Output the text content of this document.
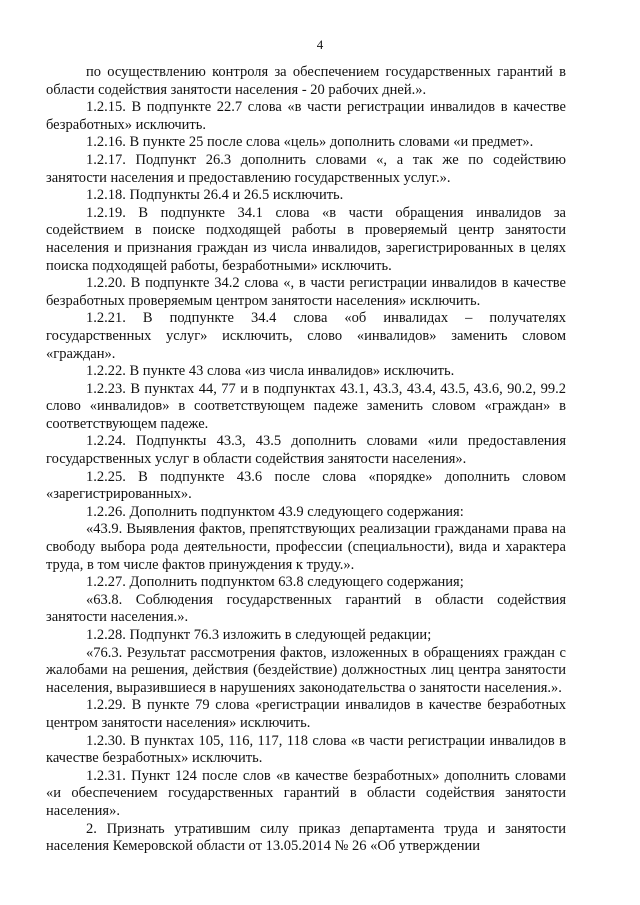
4

по осуществлению контроля за обеспечением государственных гарантий в области содействия занятости населения - 20 рабочих дней.».

1.2.15. В подпункте 22.7 слова «в части регистрации инвалидов в качестве безработных» исключить.

1.2.16. В пункте 25 после слова «цель» дополнить словами «и предмет».

1.2.17. Подпункт 26.3 дополнить словами «, а так же по содействию занятости населения и предоставлению государственных услуг.».

1.2.18. Подпункты 26.4 и 26.5 исключить.

1.2.19. В подпункте 34.1 слова «в части обращения инвалидов за содействием в поиске подходящей работы в проверяемый центр занятости населения и признания граждан из числа инвалидов, зарегистрированных в целях поиска подходящей работы, безработными» исключить.

1.2.20. В подпункте 34.2 слова «, в части регистрации инвалидов в качестве безработных проверяемым центром занятости населения» исключить.

1.2.21. В подпункте 34.4 слова «об инвалидах – получателях государственных услуг» исключить, слово «инвалидов» заменить словом «граждан».

1.2.22. В пункте 43 слова «из числа инвалидов» исключить.

1.2.23. В пунктах 44, 77 и в подпунктах 43.1, 43.3, 43.4, 43.5, 43.6, 90.2, 99.2 слово «инвалидов» в соответствующем падеже заменить словом «граждан» в соответствующем падеже.

1.2.24. Подпункты 43.3, 43.5 дополнить словами «или предоставления государственных услуг в области содействия занятости населения».

1.2.25. В подпункте 43.6 после слова «порядке» дополнить словом «зарегистрированных».

1.2.26. Дополнить подпунктом 43.9 следующего содержания:

«43.9. Выявления фактов, препятствующих реализации гражданами права на свободу выбора рода деятельности, профессии (специальности), вида и характера труда, в том числе фактов принуждения к труду.».

1.2.27. Дополнить подпунктом 63.8 следующего содержания;

«63.8. Соблюдения государственных гарантий в области содействия занятости населения.».

1.2.28. Подпункт 76.3 изложить в следующей редакции;

«76.3. Результат рассмотрения фактов, изложенных в обращениях граждан с жалобами на решения, действия (бездействие) должностных лиц центра занятости населения, выразившиеся в нарушениях законодательства о занятости населения.».

1.2.29. В пункте 79 слова «регистрации инвалидов в качестве безработных центром занятости населения» исключить.

1.2.30. В пунктах 105, 116, 117, 118 слова «в части регистрации инвалидов в качестве безработных» исключить.

1.2.31. Пункт 124 после слов «в качестве безработных» дополнить словами «и обеспечением государственных гарантий в области содействия занятости населения».

2. Признать утратившим силу приказ департамента труда и занятости населения Кемеровской области от 13.05.2014 № 26 «Об утверждении
